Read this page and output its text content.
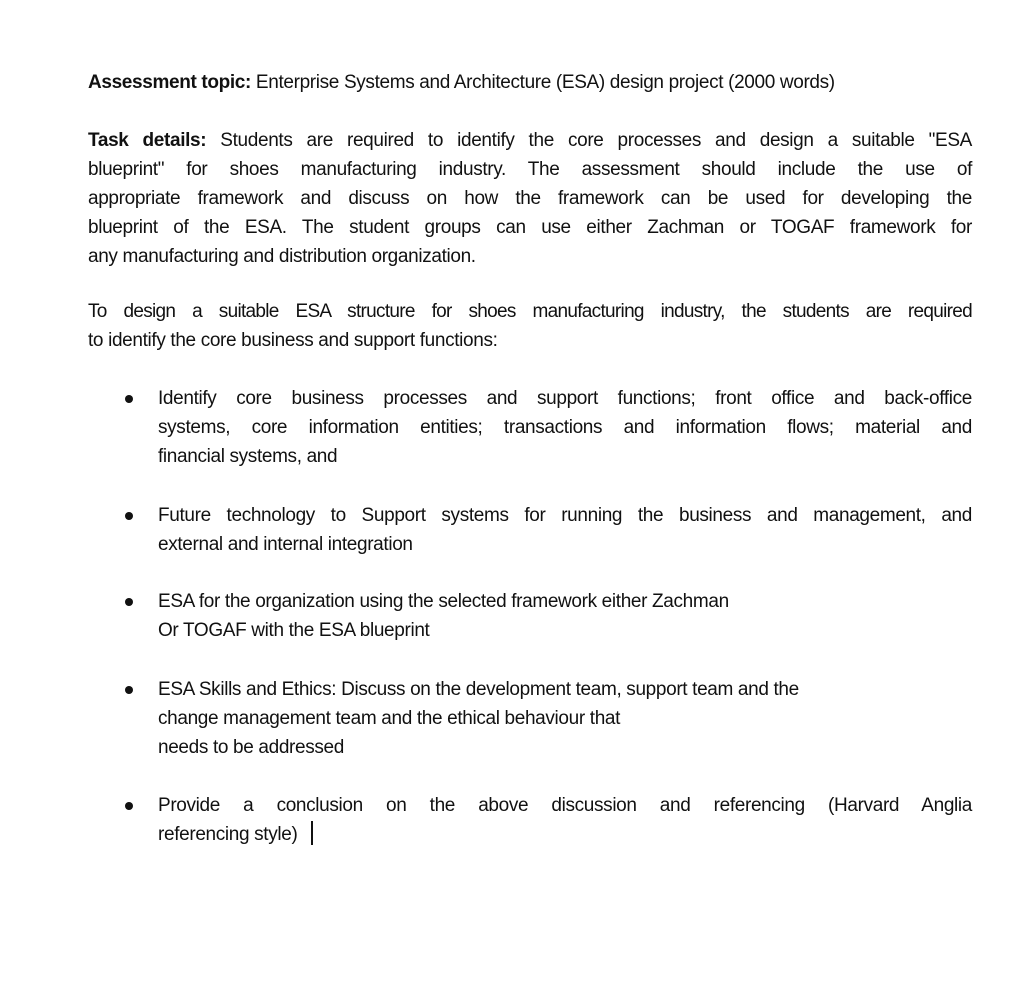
Assessment topic: Enterprise Systems and Architecture (ESA) design project (2000 words)
Task details: Students are required to identify the core processes and design a suitable "ESA
blueprint" for shoes manufacturing industry. The assessment should include the use of
appropriate framework and discuss on how the framework can be used for developing the
blueprint of the ESA. The student groups can use either Zachman or TOGAF framework for
any manufacturing and distribution organization.
To design a suitable ESA structure for shoes manufacturing industry, the students are required
to identify the core business and support functions:
Identify core business processes and support functions; front office and back-office
systems, core information entities; transactions and information flows; material and
financial systems, and
Future technology to Support systems for running the business and management, and
external and internal integration
ESA for the organization using the selected framework either Zachman
Or TOGAF with the ESA blueprint
ESA Skills and Ethics: Discuss on the development team, support team and the
change management team and the ethical behaviour that
needs to be addressed
Provide a conclusion on the above discussion and referencing (Harvard Anglia
referencing style)
